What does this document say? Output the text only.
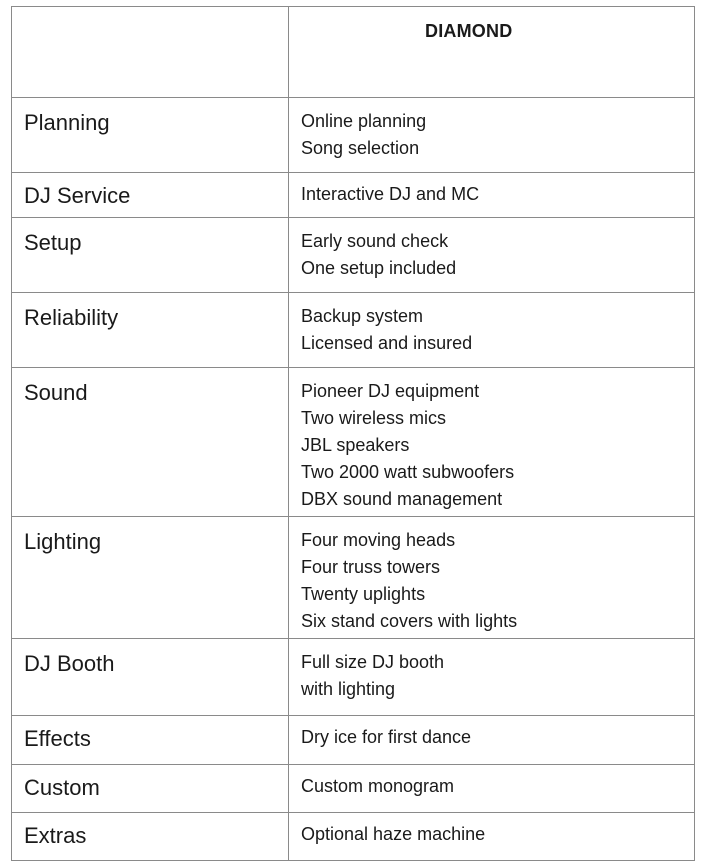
	DIAMOND
Planning	Online planning
Song selection

DJ Service	Interactive DJ and MC

Setup	Early sound check
One setup included

Reliability	Backup system
Licensed and insured

Sound	Pioneer DJ equipment
Two wireless mics
JBL speakers
Two 2000 watt subwoofers
DBX sound management

Lighting	Four moving heads
Four truss towers
Twenty uplights
Six stand covers with lights

DJ Booth	Full size DJ booth
with lighting

Effects	Dry ice for first dance

Custom	Custom monogram

Extras	Optional haze machine
